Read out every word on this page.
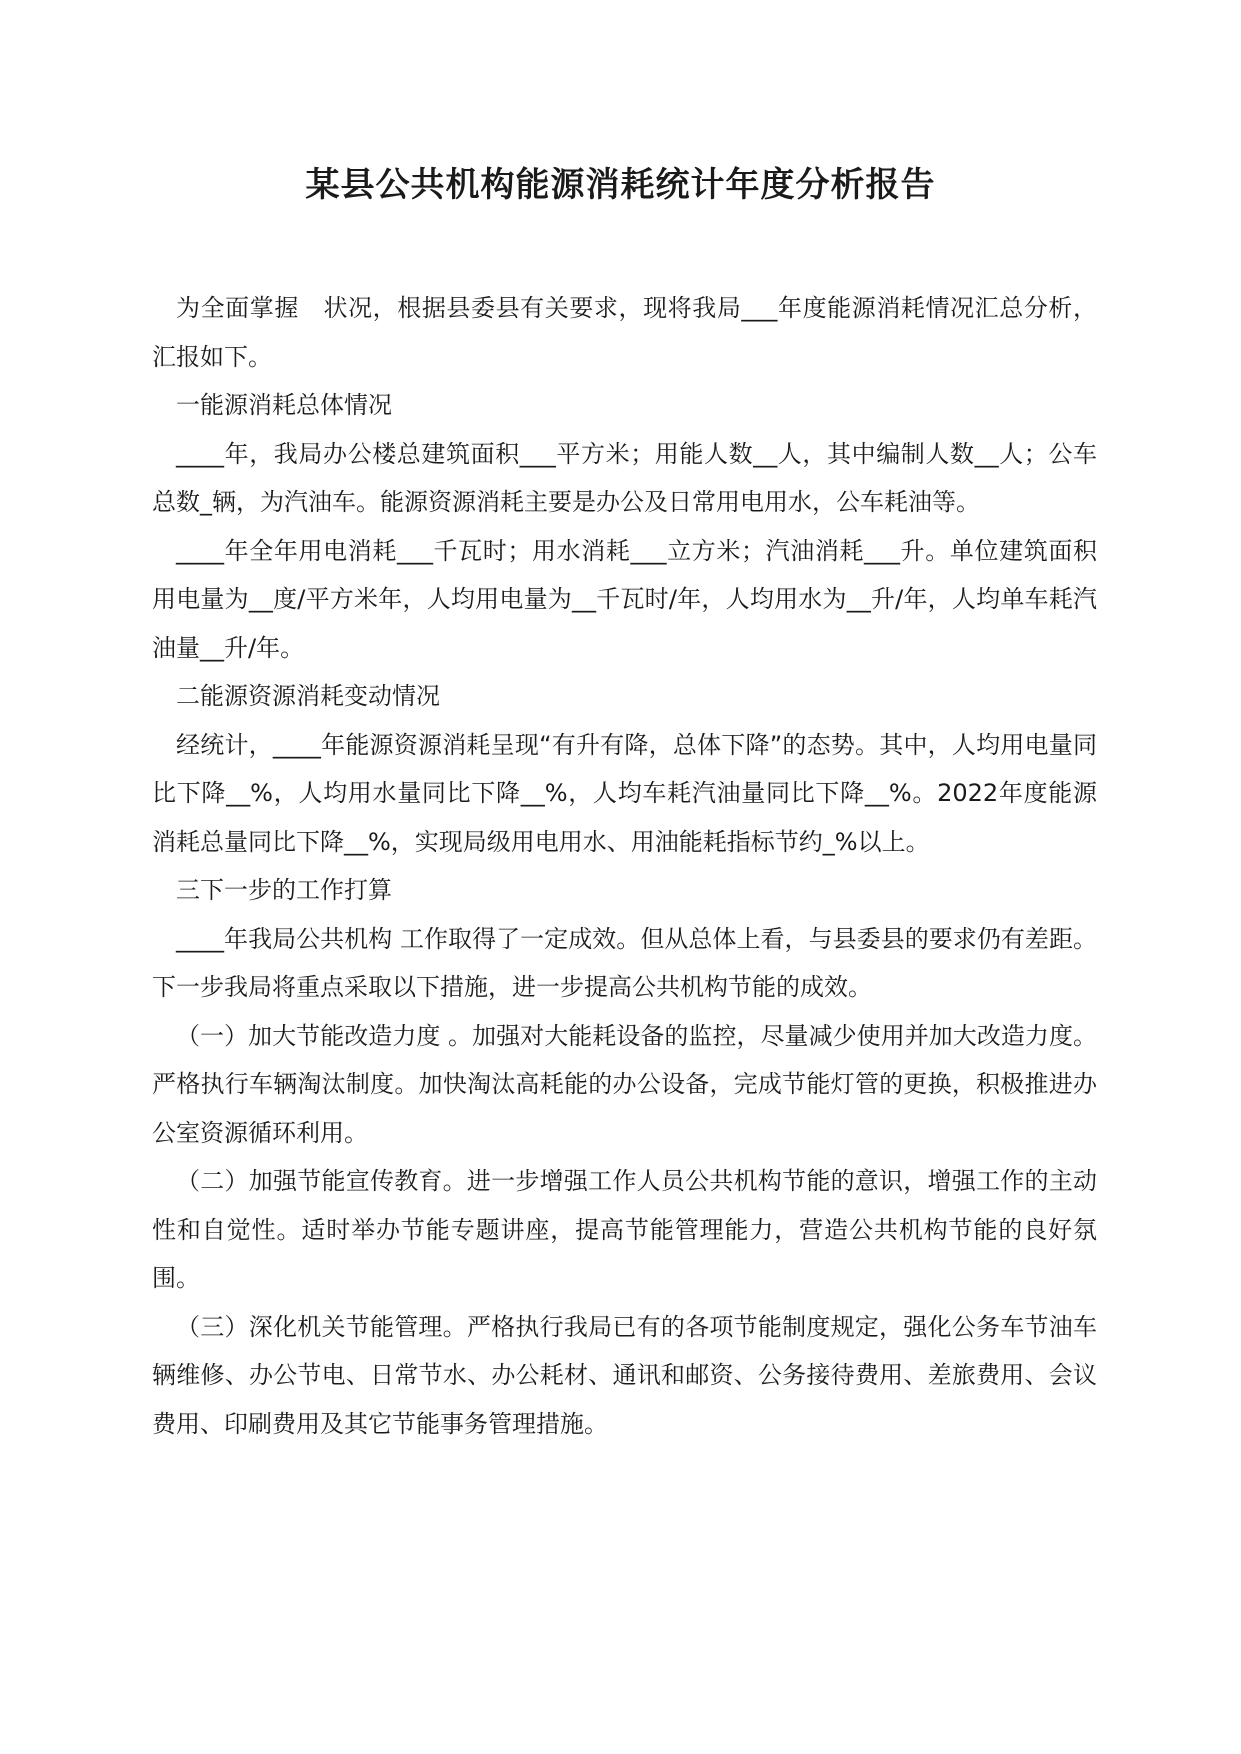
某县公共机构能源消耗统计年度分析报告

为全面掌握　状况，根据县委县有关要求，现将我局___年度能源消耗情况汇总分析，汇报如下。

一能源消耗总体情况

____年，我局办公楼总建筑面积___平方米；用能人数__人，其中编制人数__人；公车总数_辆，为汽油车。能源资源消耗主要是办公及日常用电用水，公车耗油等。

____年全年用电消耗___千瓦时；用水消耗___立方米；汽油消耗___升。单位建筑面积用电量为__度/平方米年，人均用电量为__千瓦时/年，人均用水为__升/年，人均单车耗汽油量__升/年。

二能源资源消耗变动情况

经统计，____年能源资源消耗呈现“有升有降，总体下降”的态势。其中，人均用电量同比下降__%，人均用水量同比下降__%，人均车耗汽油量同比下降__%。2022年度能源消耗总量同比下降__%，实现局级用电用水、用油能耗指标节约_%以上。

三下一步的工作打算

____年我局公共机构 工作取得了一定成效。但从总体上看，与县委县的要求仍有差距。下一步我局将重点采取以下措施，进一步提高公共机构节能的成效。

（一）加大节能改造力度 。加强对大能耗设备的监控，尽量减少使用并加大改造力度。严格执行车辆淘汰制度。加快淘汰高耗能的办公设备，完成节能灯管的更换，积极推进办公室资源循环利用。

（二）加强节能宣传教育。进一步增强工作人员公共机构节能的意识，增强工作的主动性和自觉性。适时举办节能专题讲座，提高节能管理能力，营造公共机构节能的良好氛围。

（三）深化机关节能管理。严格执行我局已有的各项节能制度规定，强化公务车节油车辆维修、办公节电、日常节水、办公耗材、通讯和邮资、公务接待费用、差旅费用、会议费用、印刷费用及其它节能事务管理措施。
